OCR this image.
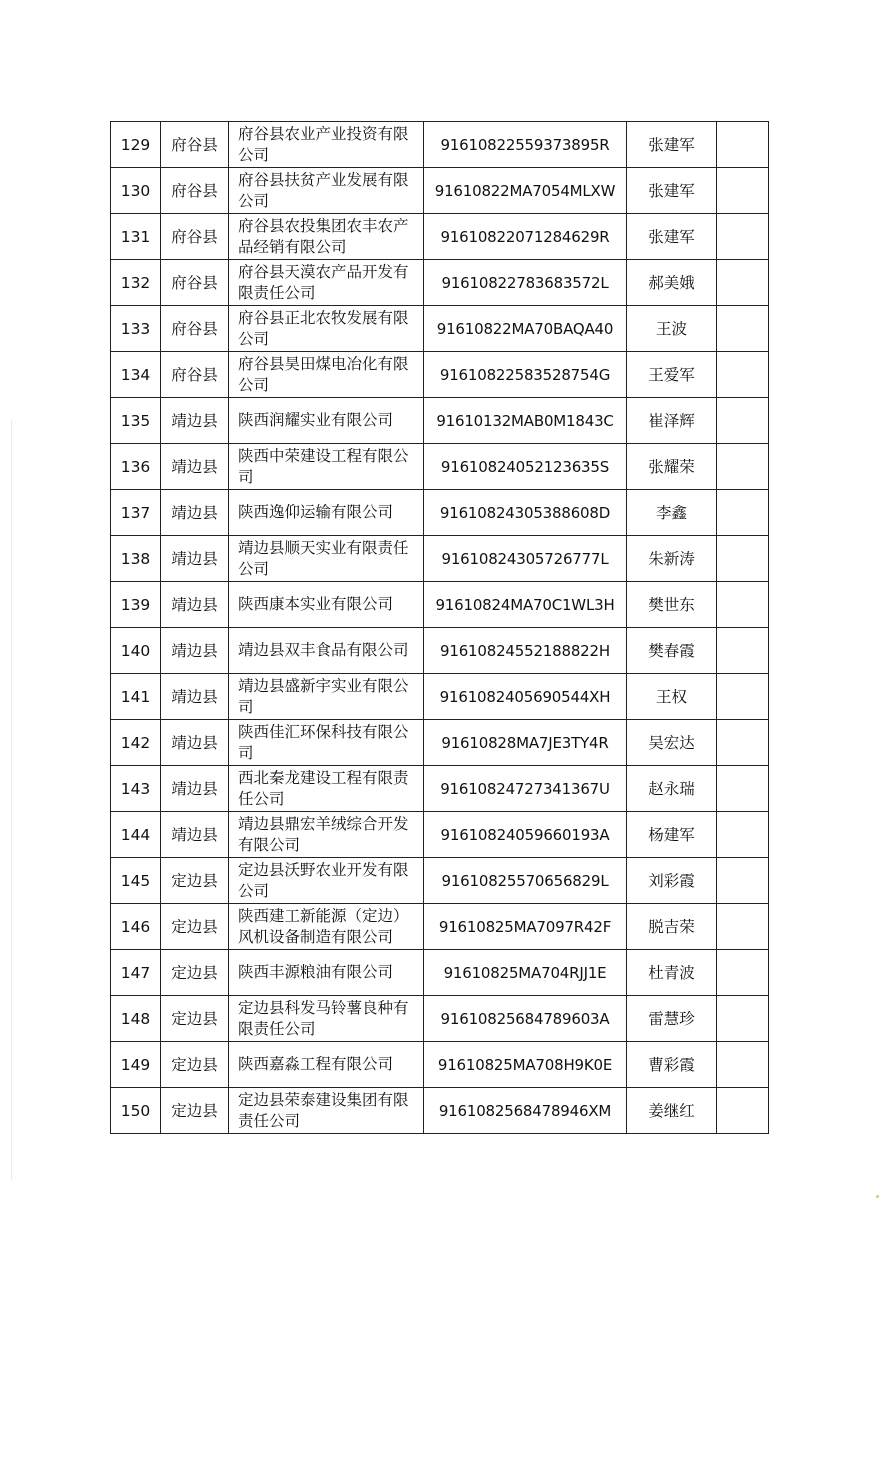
129	府谷县	府谷县农业产业投资有限公司	91610822559373895R	张建军	
130	府谷县	府谷县扶贫产业发展有限公司	91610822MA7054MLXW	张建军	
131	府谷县	府谷县农投集团农丰农产品经销有限公司	91610822071284629R	张建军	
132	府谷县	府谷县天漠农产品开发有限责任公司	91610822783683572L	郝美娥	
133	府谷县	府谷县正北农牧发展有限公司	91610822MA70BAQA40	王波	
134	府谷县	府谷县昊田煤电冶化有限公司	91610822583528754G	王爱军	
135	靖边县	陕西润耀实业有限公司	91610132MAB0M1843C	崔泽辉	
136	靖边县	陕西中荣建设工程有限公司	91610824052123635S	张耀荣	
137	靖边县	陕西逸仰运输有限公司	91610824305388608D	李鑫	
138	靖边县	靖边县顺天实业有限责任公司	91610824305726777L	朱新涛	
139	靖边县	陕西康本实业有限公司	91610824MA70C1WL3H	樊世东	
140	靖边县	靖边县双丰食品有限公司	91610824552188822H	樊春霞	
141	靖边县	靖边县盛新宇实业有限公司	9161082405690544XH	王权	
142	靖边县	陕西佳汇环保科技有限公司	91610828MA7JE3TY4R	吴宏达	
143	靖边县	西北秦龙建设工程有限责任公司	91610824727341367U	赵永瑞	
144	靖边县	靖边县鼎宏羊绒综合开发有限公司	91610824059660193A	杨建军	
145	定边县	定边县沃野农业开发有限公司	91610825570656829L	刘彩霞	
146	定边县	陕西建工新能源（定边）风机设备制造有限公司	91610825MA7097R42F	脱吉荣	
147	定边县	陕西丰源粮油有限公司	91610825MA704RJJ1E	杜青波	
148	定边县	定边县科发马铃薯良种有限责任公司	91610825684789603A	雷慧珍	
149	定边县	陕西嘉淼工程有限公司	91610825MA708H9K0E	曹彩霞	
150	定边县	定边县荣泰建设集团有限责任公司	9161082568478946XM	姜继红	
